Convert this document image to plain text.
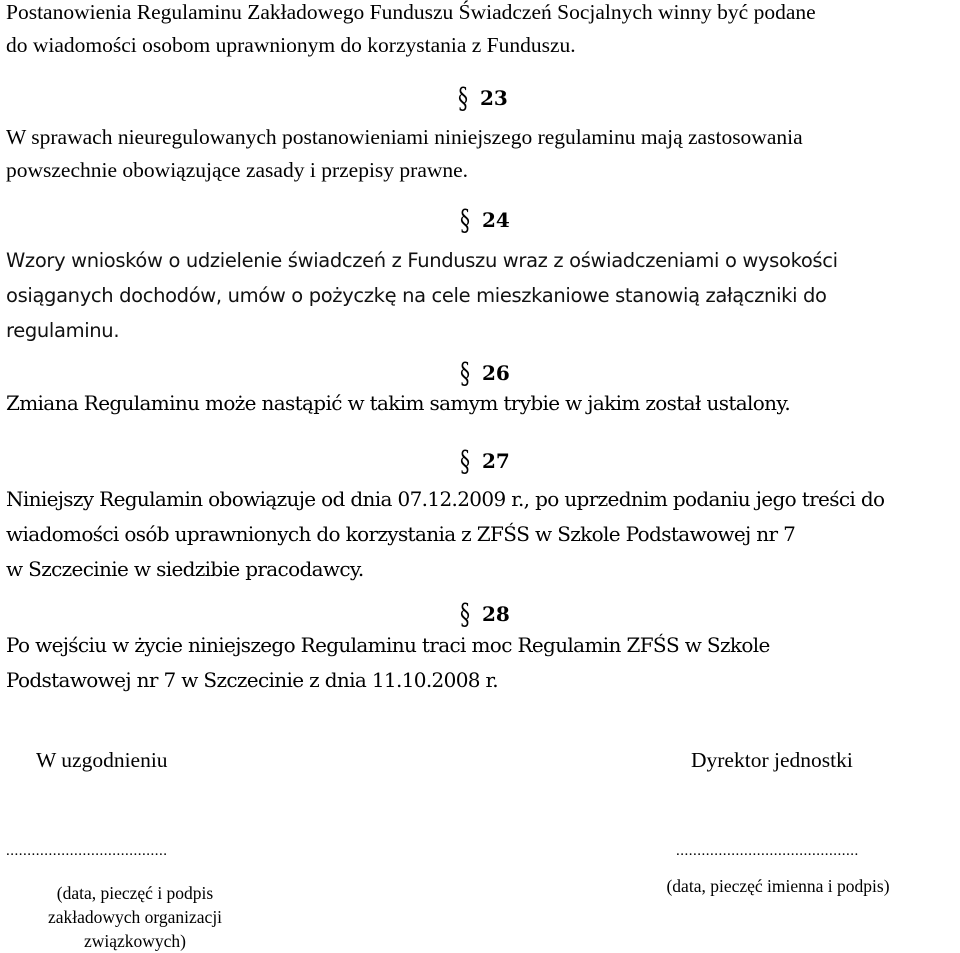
Postanowienia Regulaminu Zakładowego Funduszu Świadczeń Socjalnych winny być podane
do wiadomości osobom uprawnionym do korzystania z Funduszu.
§ 23
W sprawach nieuregulowanych postanowieniami niniejszego regulaminu mają zastosowania
powszechnie obowiązujące zasady i przepisy prawne.
§ 24
Wzory wniosków o udzielenie świadczeń z Funduszu wraz z oświadczeniami o wysokości
osiąganych dochodów, umów o pożyczkę na cele mieszkaniowe stanowią załączniki do
regulaminu.
§ 26
Zmiana Regulaminu może nastąpić w takim samym trybie w jakim został ustalony.
§ 27
Niniejszy Regulamin obowiązuje od dnia 07.12.2009 r., po uprzednim podaniu jego treści do
wiadomości osób uprawnionych do korzystania z ZFŚS w Szkole Podstawowej nr 7
w Szczecinie w siedzibie pracodawcy.
§ 28
Po wejściu w życie niniejszego Regulaminu traci moc Regulamin ZFŚS w Szkole
Podstawowej nr 7 w Szczecinie z dnia 11.10.2008 r.
W uzgodnieniu	Dyrektor jednostki
......................................	...........................................
(data, pieczęć i podpis
zakładowych organizacji
związkowych)
(data, pieczęć imienna i podpis)
